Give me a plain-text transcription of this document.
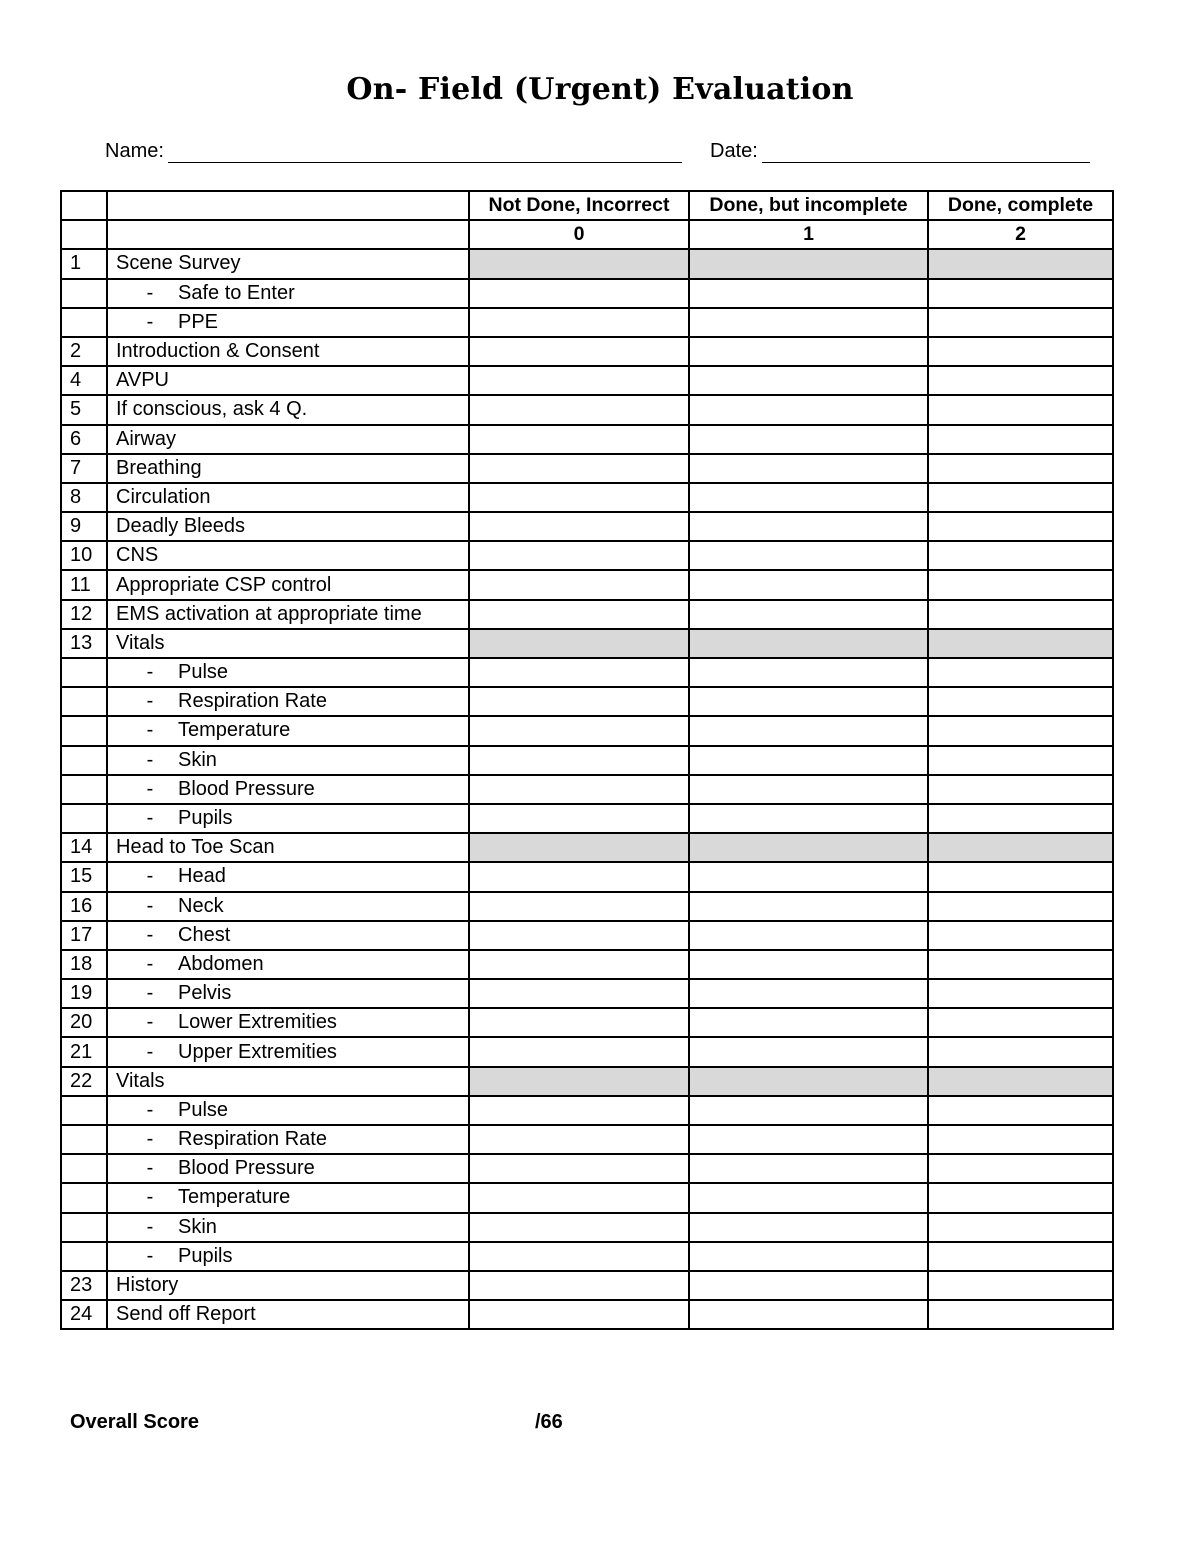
On- Field (Urgent) Evaluation
Name:	Date:
		Not Done, Incorrect	Done, but incomplete	Done, complete
		0	1	2
1	Scene Survey			
	- Safe to Enter			
	- PPE			
2	Introduction & Consent			
4	AVPU			
5	If conscious, ask 4 Q.			
6	Airway			
7	Breathing			
8	Circulation			
9	Deadly Bleeds			
10	CNS			
11	Appropriate CSP control			
12	EMS activation at appropriate time			
13	Vitals			
	- Pulse			
	- Respiration Rate			
	- Temperature			
	- Skin			
	- Blood Pressure			
	- Pupils			
14	Head to Toe Scan			
15	- Head			
16	- Neck			
17	- Chest			
18	- Abdomen			
19	- Pelvis			
20	- Lower Extremities			
21	- Upper Extremities			
22	Vitals			
	- Pulse			
	- Respiration Rate			
	- Blood Pressure			
	- Temperature			
	- Skin			
	- Pupils			
23	History			
24	Send off Report			
Overall Score	/66
